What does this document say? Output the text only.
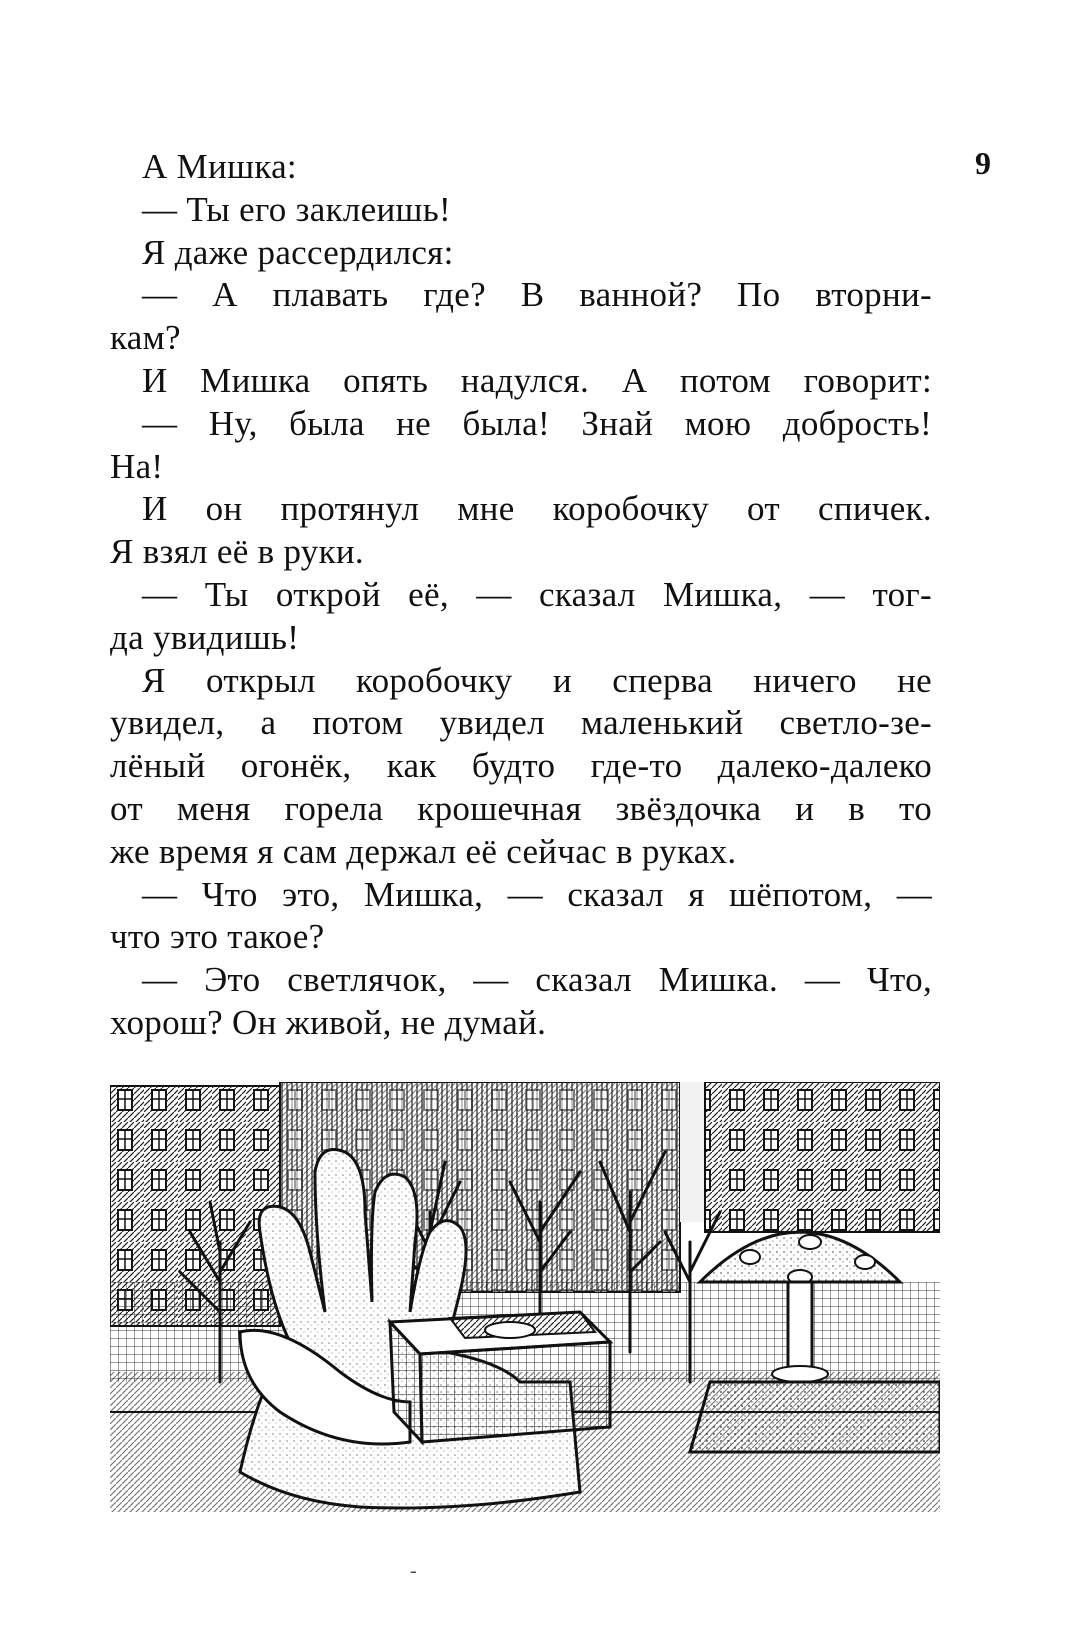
9
А Мишка:
— Ты его заклеишь!
Я даже рассердился:
— А плавать где? В ванной? По вторни-
кам?
И Мишка опять надулся. А потом говорит:
— Ну, была не была! Знай мою доброcть!
На!
И он протянул мне коробочку от спичек.
Я взял её в руки.
— Ты открой её, — сказал Мишка, — тог-
да увидишь!
Я открыл коробочку и сперва ничего не
увидел, а потом увидел маленький светло-зе-
лёный огонёк, как будто где-то далеко-далеко
от меня горела крошечная звёздочка и в то
же время я сам держал её сейчас в руках.
— Что это, Мишка, — сказал я шёпотом, —
что это такое?
— Это светлячок, — сказал Мишка. — Что,
хорош? Он живой, не думай.
-
